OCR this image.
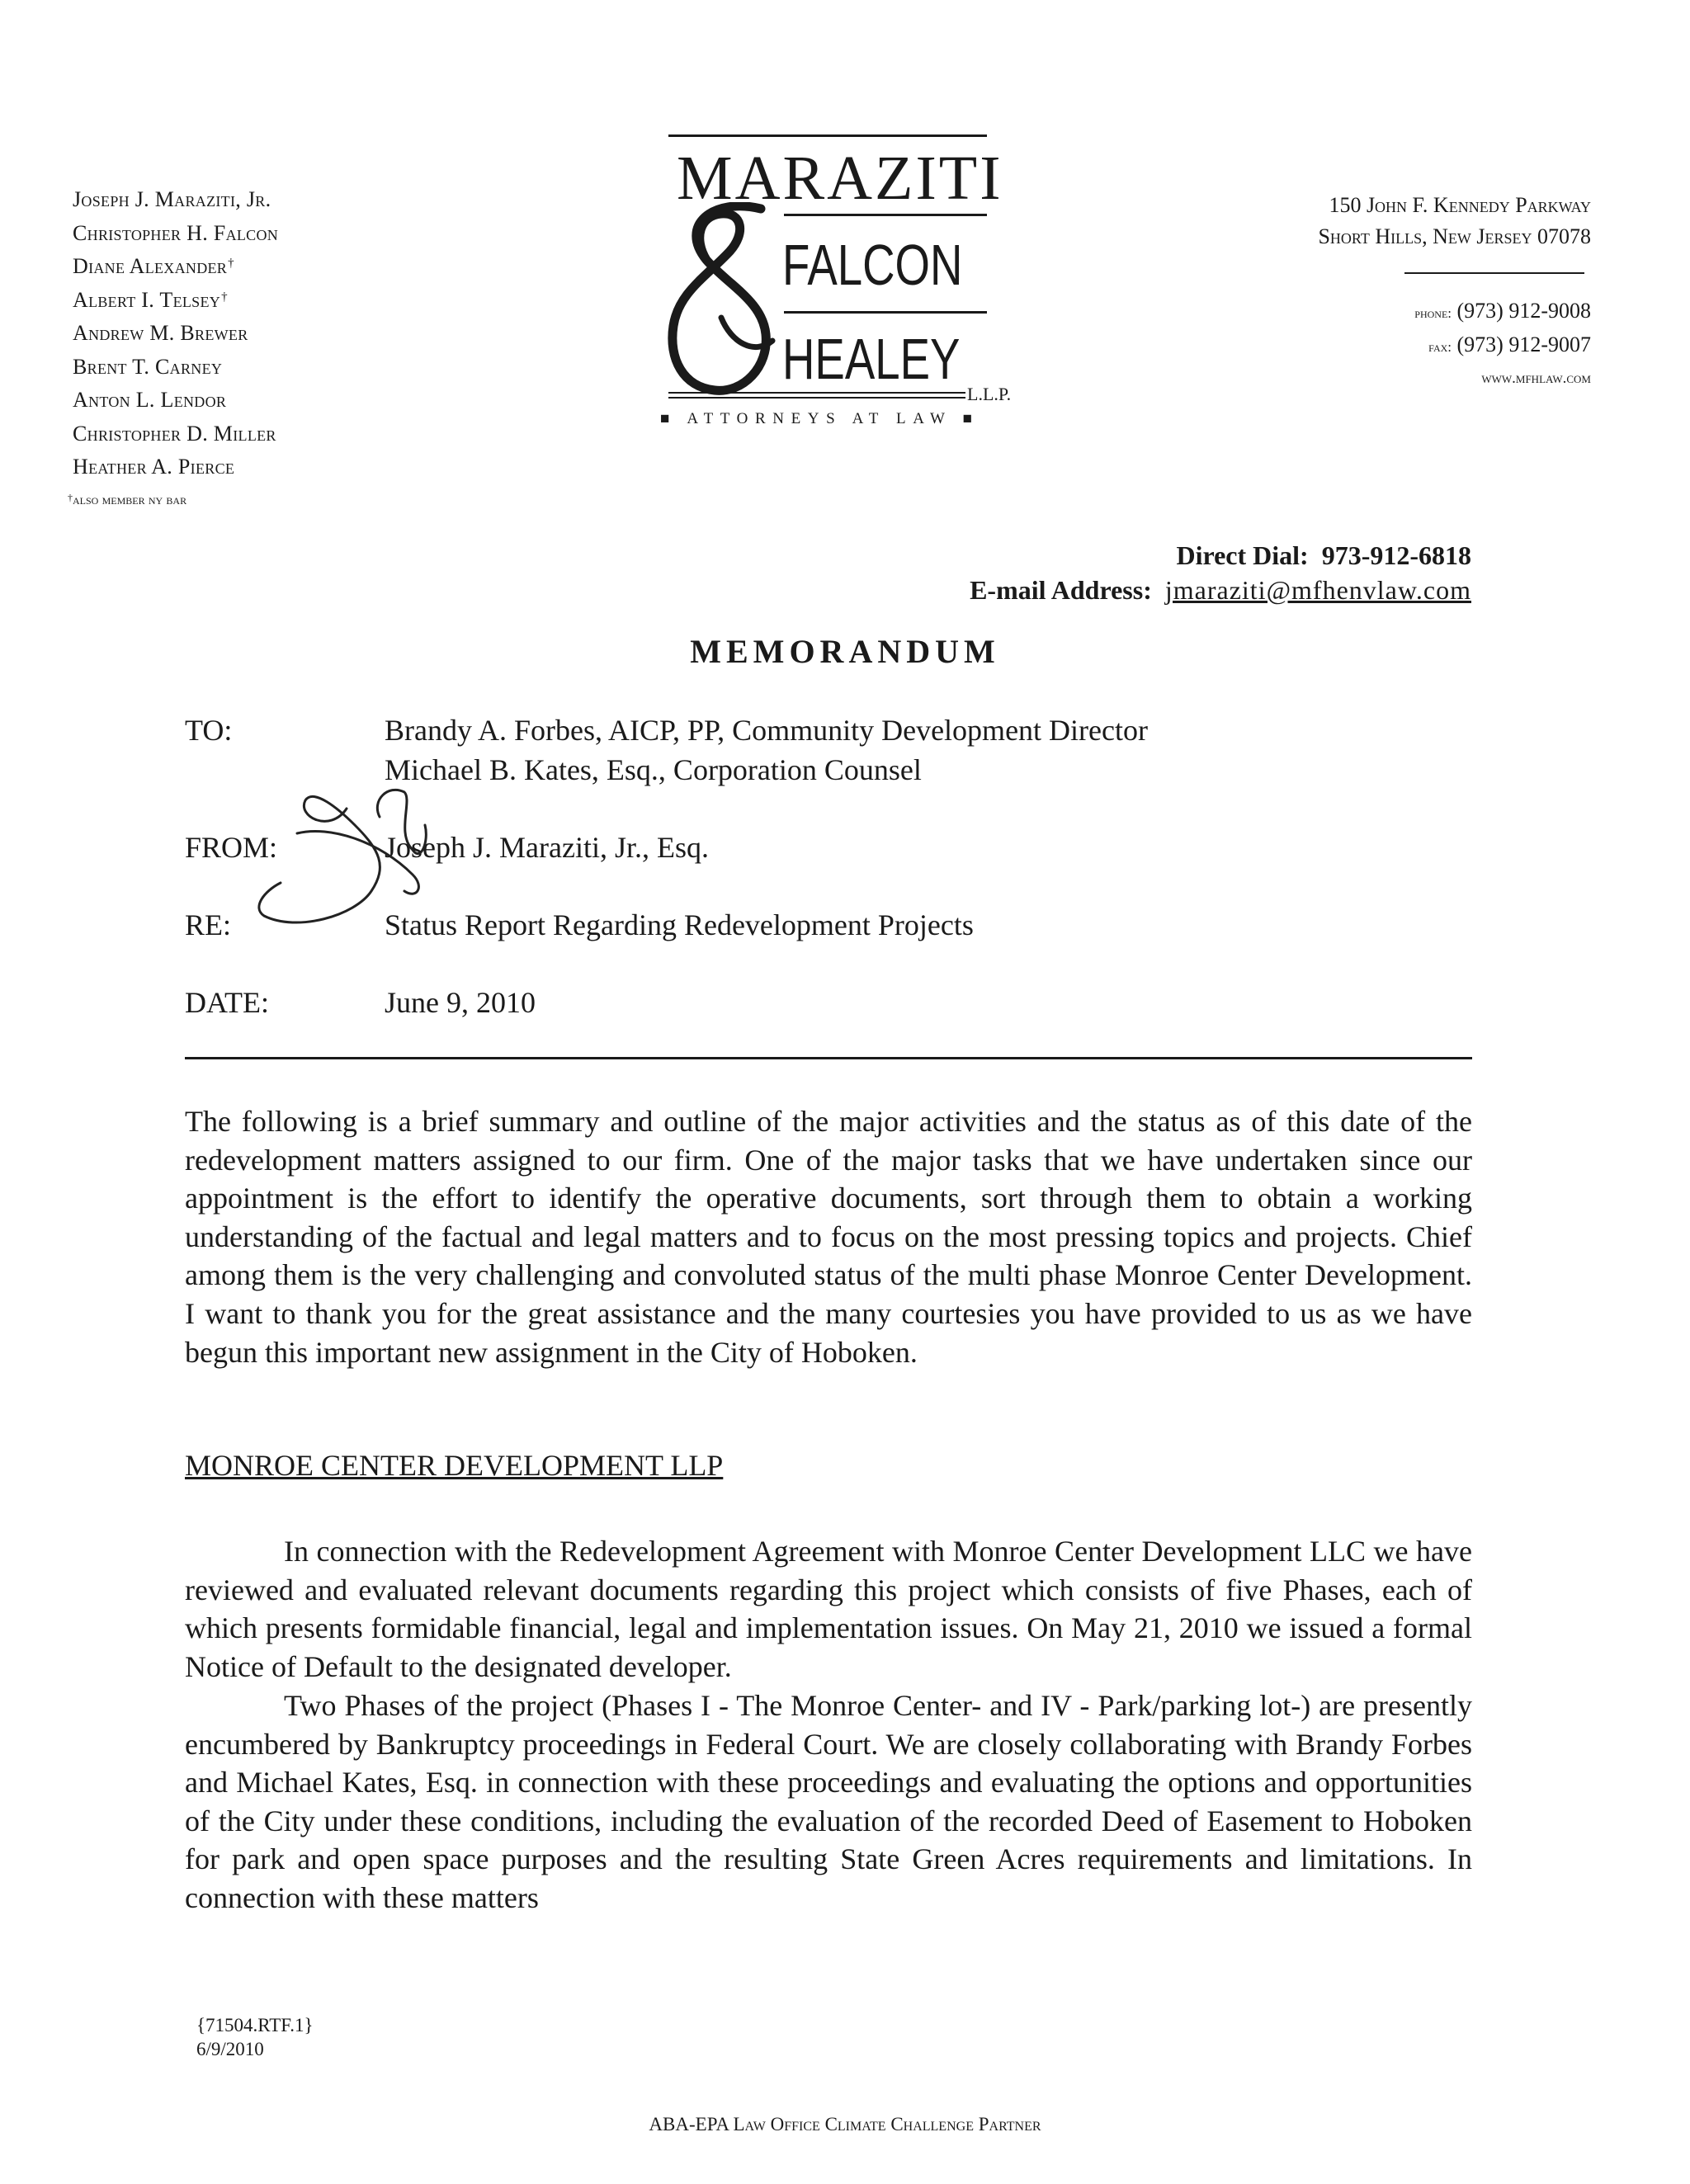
Joseph J. Maraziti, Jr.
Christopher H. Falcon
Diane Alexander†
Albert I. Telsey†
Andrew M. Brewer
Brent T. Carney
Anton L. Lendor
Christopher D. Miller
Heather A. Pierce
†also member ny bar
MARAZITI
FALCON
HEALEY
L.L.P.
■ ATTORNEYS AT LAW ■
150 John F. Kennedy Parkway
Short Hills, New Jersey 07078
phone: (973) 912-9008
fax: (973) 912-9007
www.mfhlaw.com
Direct Dial: 973-912-6818
E-mail Address: jmaraziti@mfhenvlaw.com
MEMORANDUM
TO:	Brandy A. Forbes, AICP, PP, Community Development Director
Michael B. Kates, Esq., Corporation Counsel
FROM:	Joseph J. Maraziti, Jr., Esq.
RE:	Status Report Regarding Redevelopment Projects
DATE:	June 9, 2010
The following is a brief summary and outline of the major activities and the status as of this date of the redevelopment matters assigned to our firm. One of the major tasks that we have undertaken since our appointment is the effort to identify the operative documents, sort through them to obtain a working understanding of the factual and legal matters and to focus on the most pressing topics and projects. Chief among them is the very challenging and convoluted status of the multi phase Monroe Center Development. I want to thank you for the great assistance and the many courtesies you have provided to us as we have begun this important new assignment in the City of Hoboken.
MONROE CENTER DEVELOPMENT LLP
In connection with the Redevelopment Agreement with Monroe Center Development LLC we have reviewed and evaluated relevant documents regarding this project which consists of five Phases, each of which presents formidable financial, legal and implementation issues. On May 21, 2010 we issued a formal Notice of Default to the designated developer.
Two Phases of the project (Phases I - The Monroe Center- and IV - Park/parking lot-) are presently encumbered by Bankruptcy proceedings in Federal Court. We are closely collaborating with Brandy Forbes and Michael Kates, Esq. in connection with these proceedings and evaluating the options and opportunities of the City under these conditions, including the evaluation of the recorded Deed of Easement to Hoboken for park and open space purposes and the resulting State Green Acres requirements and limitations. In connection with these matters
{71504.RTF.1}
6/9/2010
ABA-EPA Law Office Climate Challenge Partner
